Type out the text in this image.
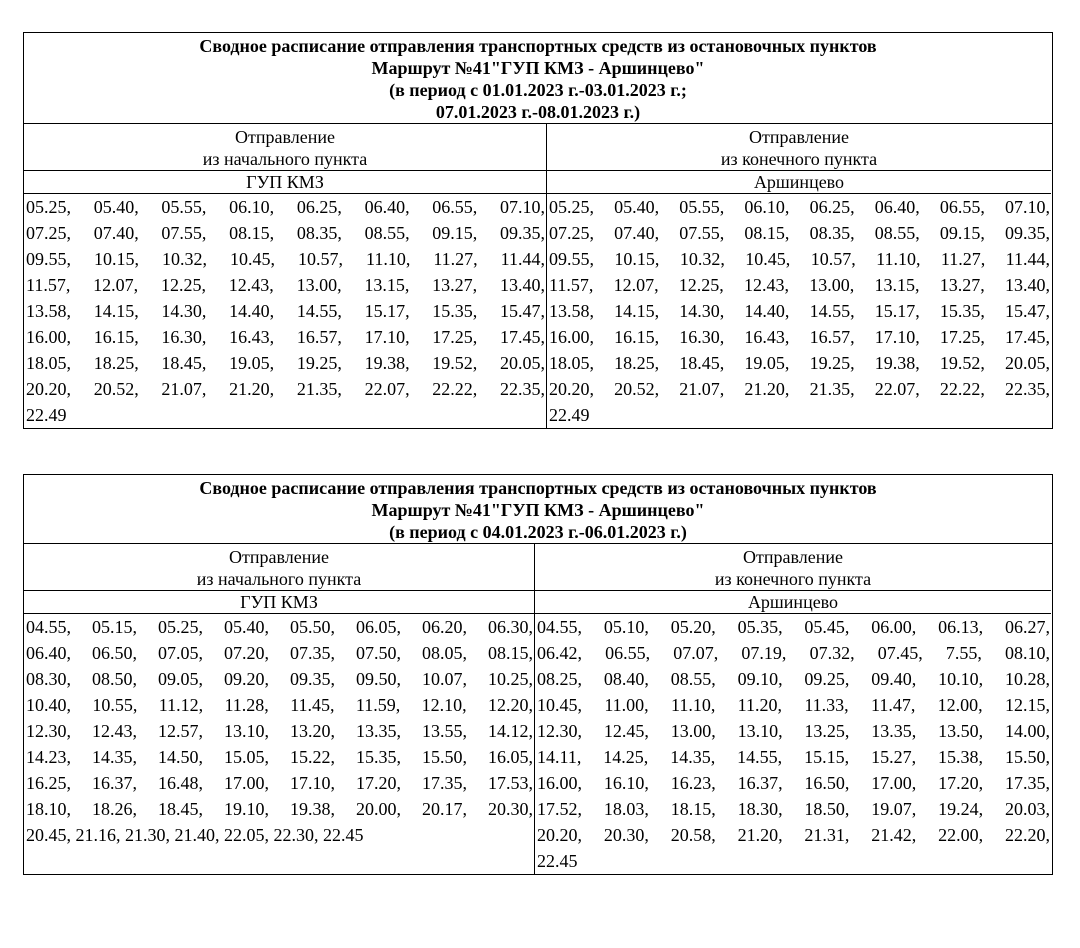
Сводное расписание отправления транспортных средств из остановочных пунктов
Маршрут №41"ГУП КМЗ - Аршинцево"
(в период с 01.01.2023 г.-03.01.2023 г.;
07.01.2023 г.-08.01.2023 г.)
Отправление
из начального пункта
Отправление
из конечного пункта
ГУП КМЗ	Аршинцево
05.25, 05.40, 05.55, 06.10, 06.25, 06.40, 06.55, 07.10,
07.25, 07.40, 07.55, 08.15, 08.35, 08.55, 09.15, 09.35,
09.55, 10.15, 10.32, 10.45, 10.57, 11.10, 11.27, 11.44,
11.57, 12.07, 12.25, 12.43, 13.00, 13.15, 13.27, 13.40,
13.58, 14.15, 14.30, 14.40, 14.55, 15.17, 15.35, 15.47,
16.00, 16.15, 16.30, 16.43, 16.57, 17.10, 17.25, 17.45,
18.05, 18.25, 18.45, 19.05, 19.25, 19.38, 19.52, 20.05,
20.20, 20.52, 21.07, 21.20, 21.35, 22.07, 22.22, 22.35,
22.49
05.25, 05.40, 05.55, 06.10, 06.25, 06.40, 06.55, 07.10,
07.25, 07.40, 07.55, 08.15, 08.35, 08.55, 09.15, 09.35,
09.55, 10.15, 10.32, 10.45, 10.57, 11.10, 11.27, 11.44,
11.57, 12.07, 12.25, 12.43, 13.00, 13.15, 13.27, 13.40,
13.58, 14.15, 14.30, 14.40, 14.55, 15.17, 15.35, 15.47,
16.00, 16.15, 16.30, 16.43, 16.57, 17.10, 17.25, 17.45,
18.05, 18.25, 18.45, 19.05, 19.25, 19.38, 19.52, 20.05,
20.20, 20.52, 21.07, 21.20, 21.35, 22.07, 22.22, 22.35,
22.49
Сводное расписание отправления транспортных средств из остановочных пунктов
Маршрут №41"ГУП КМЗ - Аршинцево"
(в период с 04.01.2023 г.-06.01.2023 г.)
Отправление
из начального пункта
Отправление
из конечного пункта
ГУП КМЗ	Аршинцево
04.55, 05.15, 05.25, 05.40, 05.50, 06.05, 06.20, 06.30,
06.40, 06.50, 07.05, 07.20, 07.35, 07.50, 08.05, 08.15,
08.30, 08.50, 09.05, 09.20, 09.35, 09.50, 10.07, 10.25,
10.40, 10.55, 11.12, 11.28, 11.45, 11.59, 12.10, 12.20,
12.30, 12.43, 12.57, 13.10, 13.20, 13.35, 13.55, 14.12,
14.23, 14.35, 14.50, 15.05, 15.22, 15.35, 15.50, 16.05,
16.25, 16.37, 16.48, 17.00, 17.10, 17.20, 17.35, 17.53,
18.10, 18.26, 18.45, 19.10, 19.38, 20.00, 20.17, 20.30,
20.45, 21.16, 21.30, 21.40, 22.05, 22.30, 22.45
04.55, 05.10, 05.20, 05.35, 05.45, 06.00, 06.13, 06.27,
06.42, 06.55, 07.07, 07.19, 07.32, 07.45, 7.55, 08.10,
08.25, 08.40, 08.55, 09.10, 09.25, 09.40, 10.10, 10.28,
10.45, 11.00, 11.10, 11.20, 11.33, 11.47, 12.00, 12.15,
12.30, 12.45, 13.00, 13.10, 13.25, 13.35, 13.50, 14.00,
14.11, 14.25, 14.35, 14.55, 15.15, 15.27, 15.38, 15.50,
16.00, 16.10, 16.23, 16.37, 16.50, 17.00, 17.20, 17.35,
17.52, 18.03, 18.15, 18.30, 18.50, 19.07, 19.24, 20.03,
20.20, 20.30, 20.58, 21.20, 21.31, 21.42, 22.00, 22.20,
22.45
